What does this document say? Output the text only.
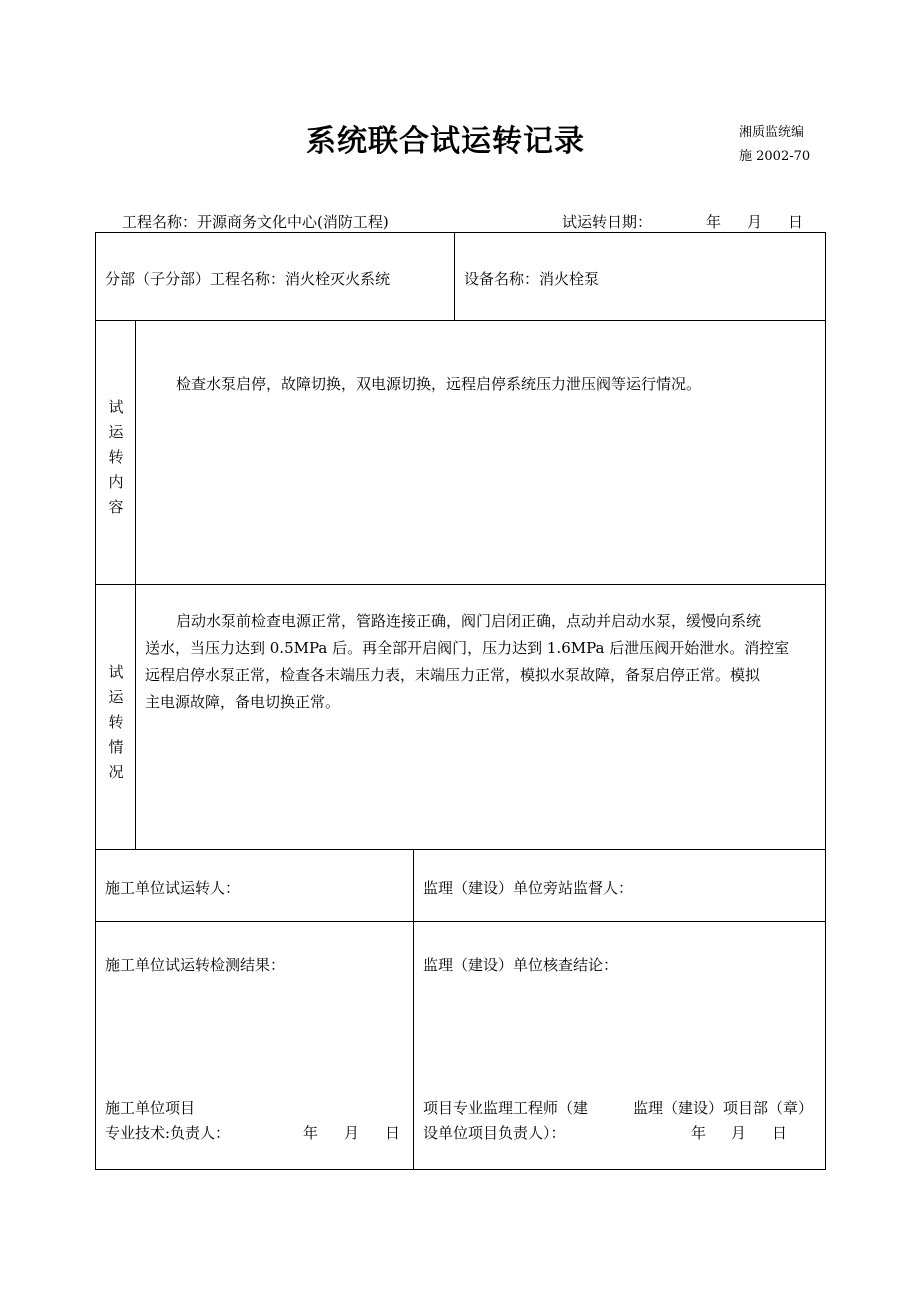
系统联合试运转记录	湘质监统编
施 2002-70
工程名称：开源商务文化中心(消防工程)	试运转日期：	年 月 日
分部（子分部）工程名称：消火栓灭火系统	设备名称：消火栓泵
试
运
转
内
容
检查水泵启停，故障切换，双电源切换，远程启停系统压力泄压阀等运行情况。
试
运
转
情
况
启动水泵前检查电源正常，管路连接正确，阀门启闭正确，点动并启动水泵，缓慢向系统
送水，当压力达到 0.5MPa 后。再全部开启阀门，压力达到 1.6MPa 后泄压阀开始泄水。消控室
远程启停水泵正常，检查各末端压力表，末端压力正常，模拟水泵故障，备泵启停正常。模拟
主电源故障，备电切换正常。
施工单位试运转人：	监理（建设）单位旁站监督人：
施工单位试运转检测结果：	监理（建设）单位核查结论：
施工单位项目
专业技术:负责人：	年 月 日
项目专业监理工程师（建	监理（建设）项目部（章）
设单位项目负责人）：	年 月 日
